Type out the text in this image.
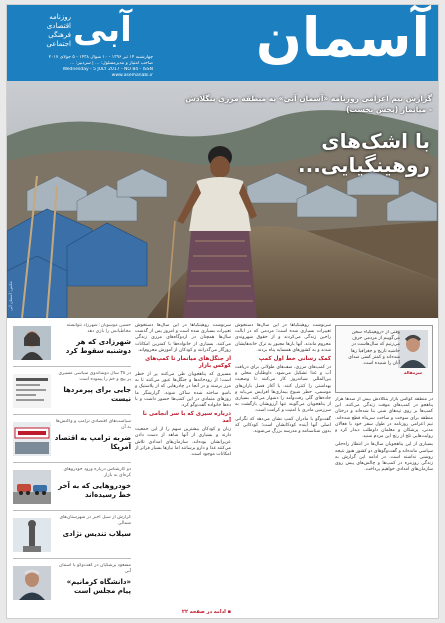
آسمان
آبی
روزنامه
اقتصادی
فرهنگی
اجتماعی
چهارشنبه ۱۴ تیر ۱۳۹۶ - ۱۰ شوال ۱۴۳۸ - ۵ جولای ۲۰۱۷
صاحب امتیاز و مدیرمسئول: ... | سردبیر: ...
Wednesday - 5 JULY 2017 - NO 84 - ISSN
www.asemanabi.ir
گزارش تیم اعزامی روزنامه «آسمان آبی» به منطقه مرزی بنگلادش - میانمار (بخش نخست)
با اشک‌های روهینگیایی...
عکس: آسمان آبی
حسین موسویان: شهرزاد نتوانسته مخاطبانش را بازی دهد
شهرزادی که هر دوشنبه سقوط کرد
در ۳۸ سال دوشاندوی سیاسی مسیری پر پیچ و خم را پیموده است
جایی برای پیرمردها نیست
سیاست‌های اقتصادی ترامپ و واکنش‌ها به آن
ضربه ترامپ به اقتصاد آمریکا
دو کارشناس درباره ورود خودروهای کره‌ای به بازار
خودروهایی که به آخر خط رسیده‌اند
گزارش از سیل اخیر در شهرستان‌های شمالی
سیلاب تندیس نژادی
مسعود پزشکیان در گفت‌وگو با آسمان آبی
«دانشگاه کرمانیم» پیام مجلس است

سرنوشت روهینگیاها در این سال‌ها دستخوش تغییرات بسیاری شده است و امروز پس از گذشت سال‌ها همچنان در اردوگاه‌های مرزی زندگی می‌کنند. بسیاری از خانواده‌ها با کمترین امکانات روزگار می‌گذرانند و کودکان از آموزش محروم‌اند.

از جنگل‌های میانمار تا کمپ‌های کوکس بازار

مسیری که پناهجویان طی می‌کنند پر از خطر است؛ از رودخانه‌ها و جنگل‌ها عبور می‌کنند تا به مرز برسند و در آنجا در چادرهایی که از پلاستیک و بامبو ساخته شده ساکن شوند. گزارشگر ما روزهای متمادی در این کمپ‌ها حضور داشت و با ده‌ها خانواده گفت‌وگو کرد.

درباره سیری که با سر انجامی نا آمد

زنان و کودکان بیشترین سهم را از این جمعیت دارند و بسیاری از آنها شاهد از دست دادن عزیزانشان بوده‌اند. سازمان‌های امدادی تلاش می‌کنند غذا و دارو برسانند اما نیازها بسیار فراتر از امکانات موجود است.

سرنوشت روهینگیاها در این سال‌ها دستخوش تغییرات بسیاری شده است؛ مردمی که در ایالت راخین زندگی می‌کردند و از حقوق شهروندی محروم ماندند. آنها بارها مجبور به ترک خانه‌هایشان شدند و به کشورهای همسایه پناه بردند.

کمک رسانی خط اول کمپ

در کمپ‌های مرزی، صف‌های طولانی برای دریافت آب و غذا تشکیل می‌شود. داوطلبان محلی و بین‌المللی شبانه‌روز کار می‌کنند تا وضعیت بهداشتی را کنترل کنند. با آغاز فصل باران‌های موسمی، خطر شیوع بیماری‌ها افزایش می‌یابد و جاده‌های گلی رفت‌وآمد را دشوار می‌کند. بسیاری از پناهجویان می‌گویند تنها آرزویشان بازگشت به سرزمین مادری با امنیت و کرامت است.

گفت‌وگو با مادران کمپ نشان می‌دهد که نگرانی اصلی آنها آینده کودکانشان است؛ کودکانی که بدون شناسنامه و مدرسه بزرگ می‌شوند.

در منطقه کوکس بازار بنگلادش بیش از صدها هزار پناهجو در کمپ‌های موقت زندگی می‌کنند. این کمپ‌ها بر روی تپه‌های شنی بنا شده‌اند و درختان منطقه برای سوخت و ساخت سرپناه قطع شده‌اند. تیم اعزامی روزنامه در طول سفر خود با فعالان مدنی، پزشکان و معلمان داوطلب دیدار کرد و روایت‌هایی تلخ از رنج این مردم شنید.

بسیاری از این پناهجویان سال‌ها در انتظار راه‌حلی سیاسی مانده‌اند و گفت‌وگوهای دو کشور هنوز نتیجه روشنی نداشته است. در ادامه این گزارش به زندگی روزمره در کمپ‌ها و چالش‌های پیش روی سازمان‌های امدادی خواهیم پرداخت.

وقتی از «روهینگیا» سخن می‌گوییم از مردمی حرف می‌زنیم که سال‌هاست در حاشیه تاریخ و جغرافیا رها شده‌اند و کمتر کسی صدای آنان را شنیده است.
سرمقاله
▪ ادامه در صفحه ۲۲
